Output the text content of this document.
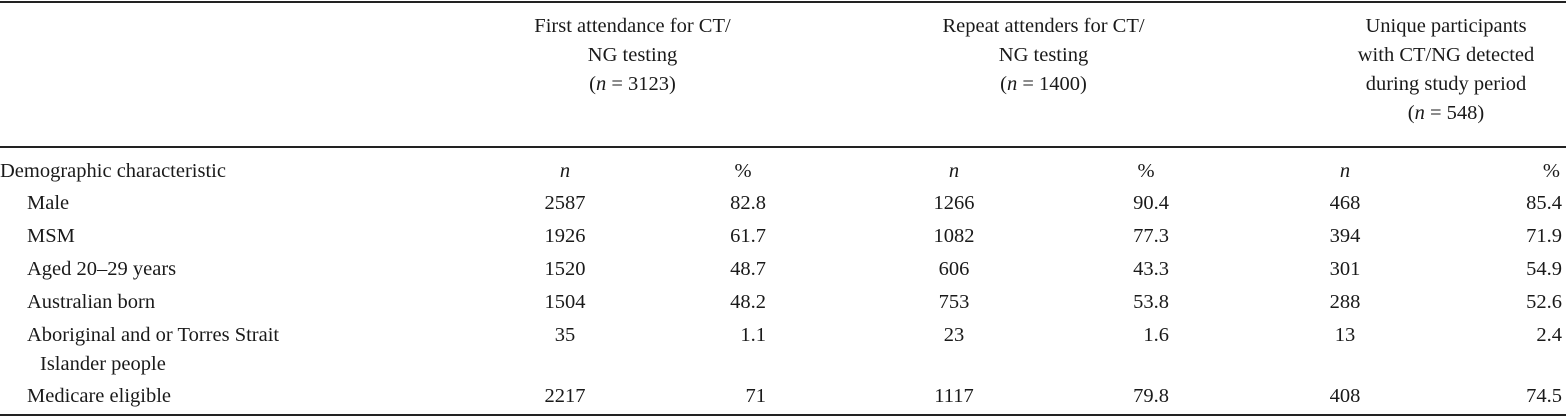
First attendance for CT/
NG testing
(n = 3123)
Repeat attenders for CT/
NG testing
(n = 1400)
Unique participants
with CT/NG detected
during study period
(n = 548)
Demographic characteristic	n	%	n	%	n	%
Male	2587	82.8	1266	90.4	468	85.4
MSM	1926	61.7	1082	77.3	394	71.9
Aged 20–29 years	1520	48.7	606	43.3	301	54.9
Australian born	1504	48.2	753	53.8	288	52.6
Aboriginal and or Torres Strait
Islander people
35	1.1	23	1.6	13	2.4
Medicare eligible	2217	71	1117	79.8	408	74.5
